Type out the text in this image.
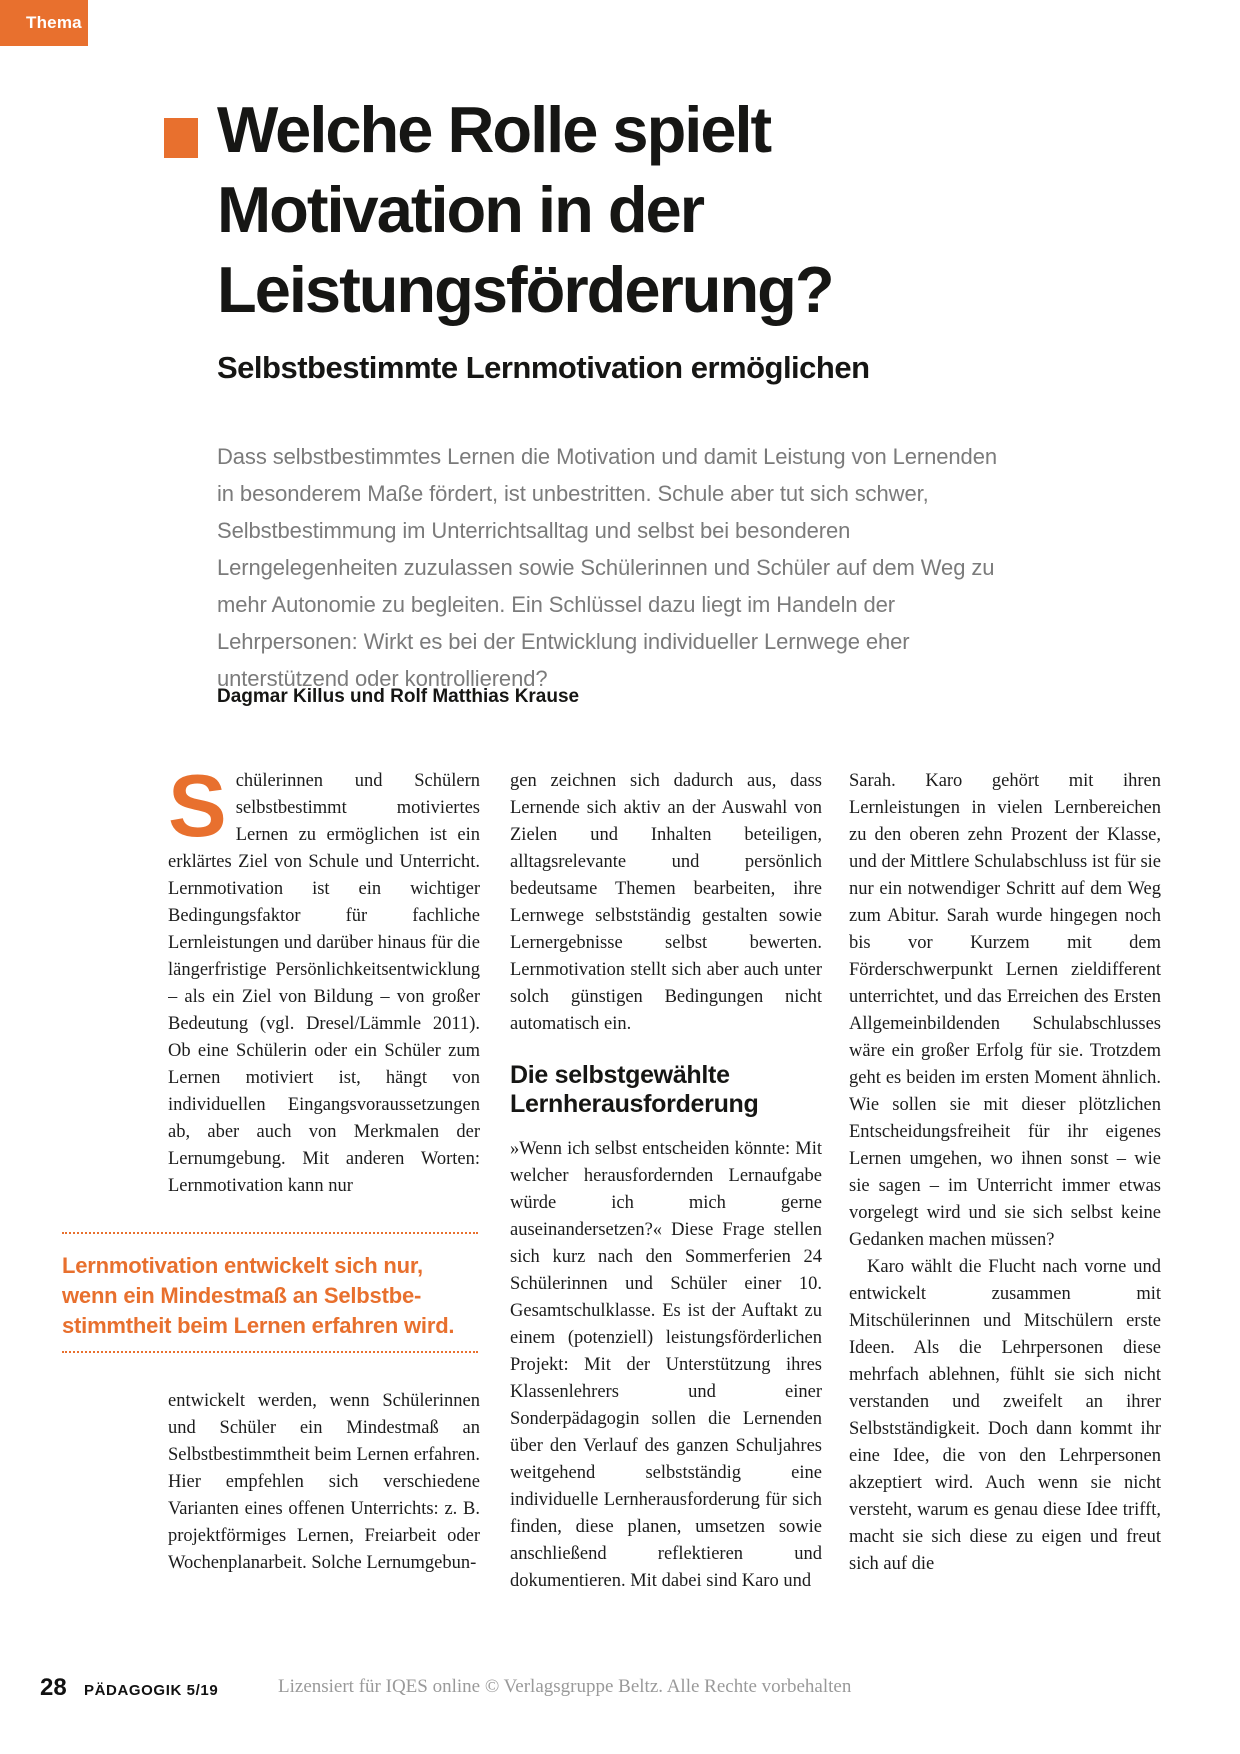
Thema
Welche Rolle spielt
Motivation in der
Leistungsförderung?
Selbstbestimmte Lernmotivation ermöglichen

Dass selbstbestimmtes Lernen die Motivation und damit Leistung von Lernenden in besonderem Maße fördert, ist unbestritten. Schule aber tut sich schwer, Selbstbestimmung im Unterrichtsalltag und selbst bei besonderen Lerngelegenheiten zuzulassen sowie Schülerinnen und Schüler auf dem Weg zu mehr Autonomie zu begleiten. Ein Schlüssel dazu liegt im Handeln der Lehrpersonen: Wirkt es bei der Entwicklung individueller Lernwege eher unterstützend oder kontrollierend?

Dagmar Killus und Rolf Matthias Krause

Schülerinnen und Schülern selbstbestimmt motiviertes Lernen zu ermöglichen ist ein erklärtes Ziel von Schule und Unterricht. Lernmotivation ist ein wichtiger Bedingungsfaktor für fachliche Lernleistungen und darüber hinaus für die längerfristige Persönlichkeitsentwicklung – als ein Ziel von Bildung – von großer Bedeutung (vgl. Dresel/Lämmle 2011). Ob eine Schülerin oder ein Schüler zum Lernen motiviert ist, hängt von individuellen Eingangsvoraussetzungen ab, aber auch von Merkmalen der Lernumgebung. Mit anderen Worten: Lernmotivation kann nur

Lernmotivation entwickelt sich nur,
wenn ein Mindestmaß an Selbstbe-
stimmtheit beim Lernen erfahren wird.

entwickelt werden, wenn Schülerinnen und Schüler ein Mindestmaß an Selbstbestimmtheit beim Lernen erfahren. Hier empfehlen sich verschiedene Varianten eines offenen Unterrichts: z. B. projektförmiges Lernen, Freiarbeit oder Wochenplanarbeit. Solche Lernumgebun-

gen zeichnen sich dadurch aus, dass Lernende sich aktiv an der Auswahl von Zielen und Inhalten beteiligen, alltagsrelevante und persönlich bedeutsame Themen bearbeiten, ihre Lernwege selbstständig gestalten sowie Lernergebnisse selbst bewerten. Lernmotivation stellt sich aber auch unter solch günstigen Bedingungen nicht automatisch ein.

Die selbstgewählte Lernherausforderung

»Wenn ich selbst entscheiden könnte: Mit welcher herausfordernden Lernaufgabe würde ich mich gerne auseinandersetzen?« Diese Frage stellen sich kurz nach den Sommerferien 24 Schülerinnen und Schüler einer 10. Gesamtschulklasse. Es ist der Auftakt zu einem (potenziell) leistungsförderlichen Projekt: Mit der Unterstützung ihres Klassenlehrers und einer Sonderpädagogin sollen die Lernenden über den Verlauf des ganzen Schuljahres weitgehend selbstständig eine individuelle Lernherausforderung für sich finden, diese planen, umsetzen sowie anschließend reflektieren und dokumentieren. Mit dabei sind Karo und

Sarah. Karo gehört mit ihren Lernleistungen in vielen Lernbereichen zu den oberen zehn Prozent der Klasse, und der Mittlere Schulabschluss ist für sie nur ein notwendiger Schritt auf dem Weg zum Abitur. Sarah wurde hingegen noch bis vor Kurzem mit dem Förderschwerpunkt Lernen zieldifferent unterrichtet, und das Erreichen des Ersten Allgemeinbildenden Schulabschlusses wäre ein großer Erfolg für sie. Trotzdem geht es beiden im ersten Moment ähnlich. Wie sollen sie mit dieser plötzlichen Entscheidungsfreiheit für ihr eigenes Lernen umgehen, wo ihnen sonst – wie sie sagen – im Unterricht immer etwas vorgelegt wird und sie sich selbst keine Gedanken machen müssen?

Karo wählt die Flucht nach vorne und entwickelt zusammen mit Mitschülerinnen und Mitschülern erste Ideen. Als die Lehrpersonen diese mehrfach ablehnen, fühlt sie sich nicht verstanden und zweifelt an ihrer Selbstständigkeit. Doch dann kommt ihr eine Idee, die von den Lehrpersonen akzeptiert wird. Auch wenn sie nicht versteht, warum es genau diese Idee trifft, macht sie sich diese zu eigen und freut sich auf die

28 PÄDAGOGIK 5/19	Lizensiert für IQES online © Verlagsgruppe Beltz. Alle Rechte vorbehalten
